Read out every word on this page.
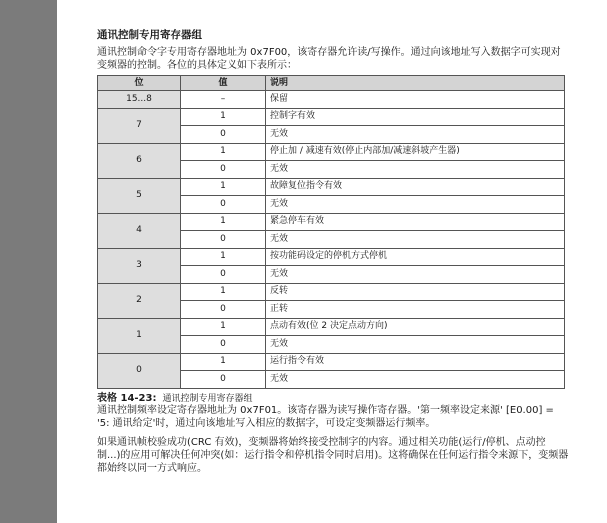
通讯控制专用寄存器组

通讯控制命令字专用寄存器地址为 0x7F00，该寄存器允许读/写操作。通过向该地址写入数据字可实现对变频器的控制。各位的具体定义如下表所示：

位	值	说明
15...8	–	保留
7	1	控制字有效
	0	无效
6	1	停止加 / 减速有效(停止内部加/减速斜坡产生器)
	0	无效
5	1	故障复位指令有效
	0	无效
4	1	紧急停车有效
	0	无效
3	1	按功能码设定的停机方式停机
	0	无效
2	1	反转
	0	正转
1	1	点动有效(位 2 决定点动方向)
	0	无效
0	1	运行指令有效
	0	无效
表格 14-23: 通讯控制专用寄存器组
通讯控制频率设定寄存器地址为 0x7F01。该寄存器为读写操作寄存器。'第一频率设定来源' [E0.00] = '5: 通讯给定'时，通过向该地址写入相应的数据字，可设定变频器运行频率。

如果通讯帧校验成功(CRC 有效)，变频器将始终接受控制字的内容。通过相关功能(运行/停机、点动控制...)的应用可解决任何冲突(如：运行指令和停机指令同时启用)。这将确保在任何运行指令来源下，变频器都始终以同一方式响应。
